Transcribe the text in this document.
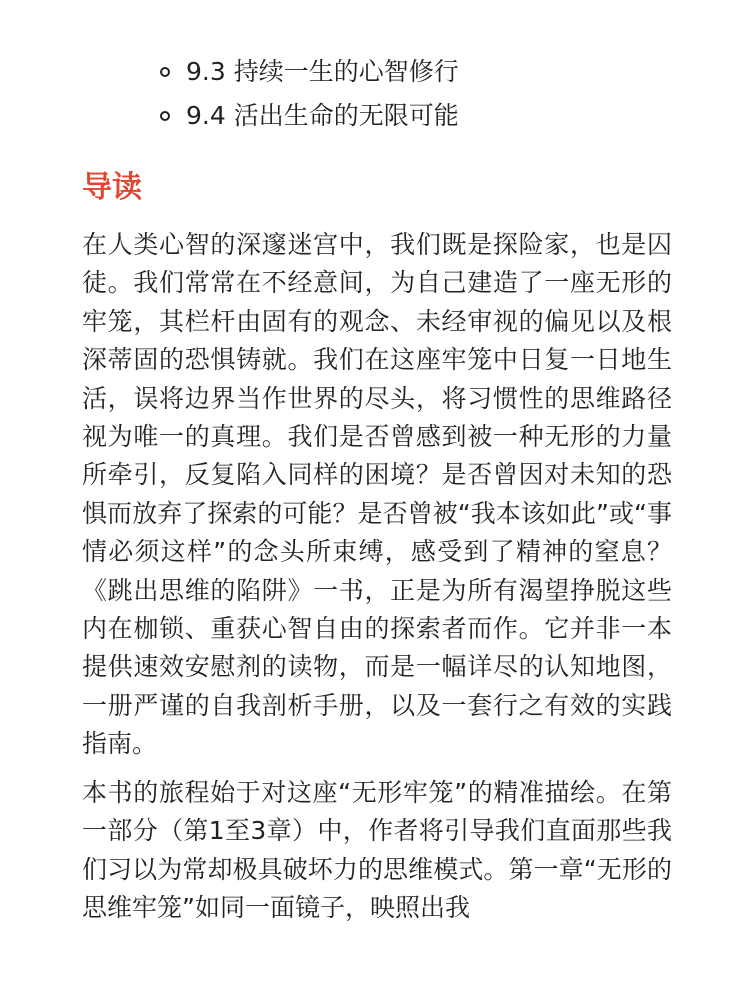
9.3 持续一生的心智修行
9.4 活出生命的无限可能
导读

在人类心智的深邃迷宫中，我们既是探险家，也是囚徒。我们常常在不经意间，为自己建造了一座无形的牢笼，其栏杆由固有的观念、未经审视的偏见以及根深蒂固的恐惧铸就。我们在这座牢笼中日复一日地生活，误将边界当作世界的尽头，将习惯性的思维路径视为唯一的真理。我们是否曾感到被一种无形的力量所牵引，反复陷入同样的困境？是否曾因对未知的恐惧而放弃了探索的可能？是否曾被“我本该如此”或“事情必须这样”的念头所束缚，感受到了精神的窒息？《跳出思维的陷阱》一书，正是为所有渴望挣脱这些内在枷锁、重获心智自由的探索者而作。它并非一本提供速效安慰剂的读物，而是一幅详尽的认知地图，一册严谨的自我剖析手册，以及一套行之有效的实践指南。

本书的旅程始于对这座“无形牢笼”的精准描绘。在第一部分（第1至3章）中，作者将引导我们直面那些我们习以为常却极具破坏力的思维模式。第一章“无形的思维牢笼”如同一面镜子，映照出我
